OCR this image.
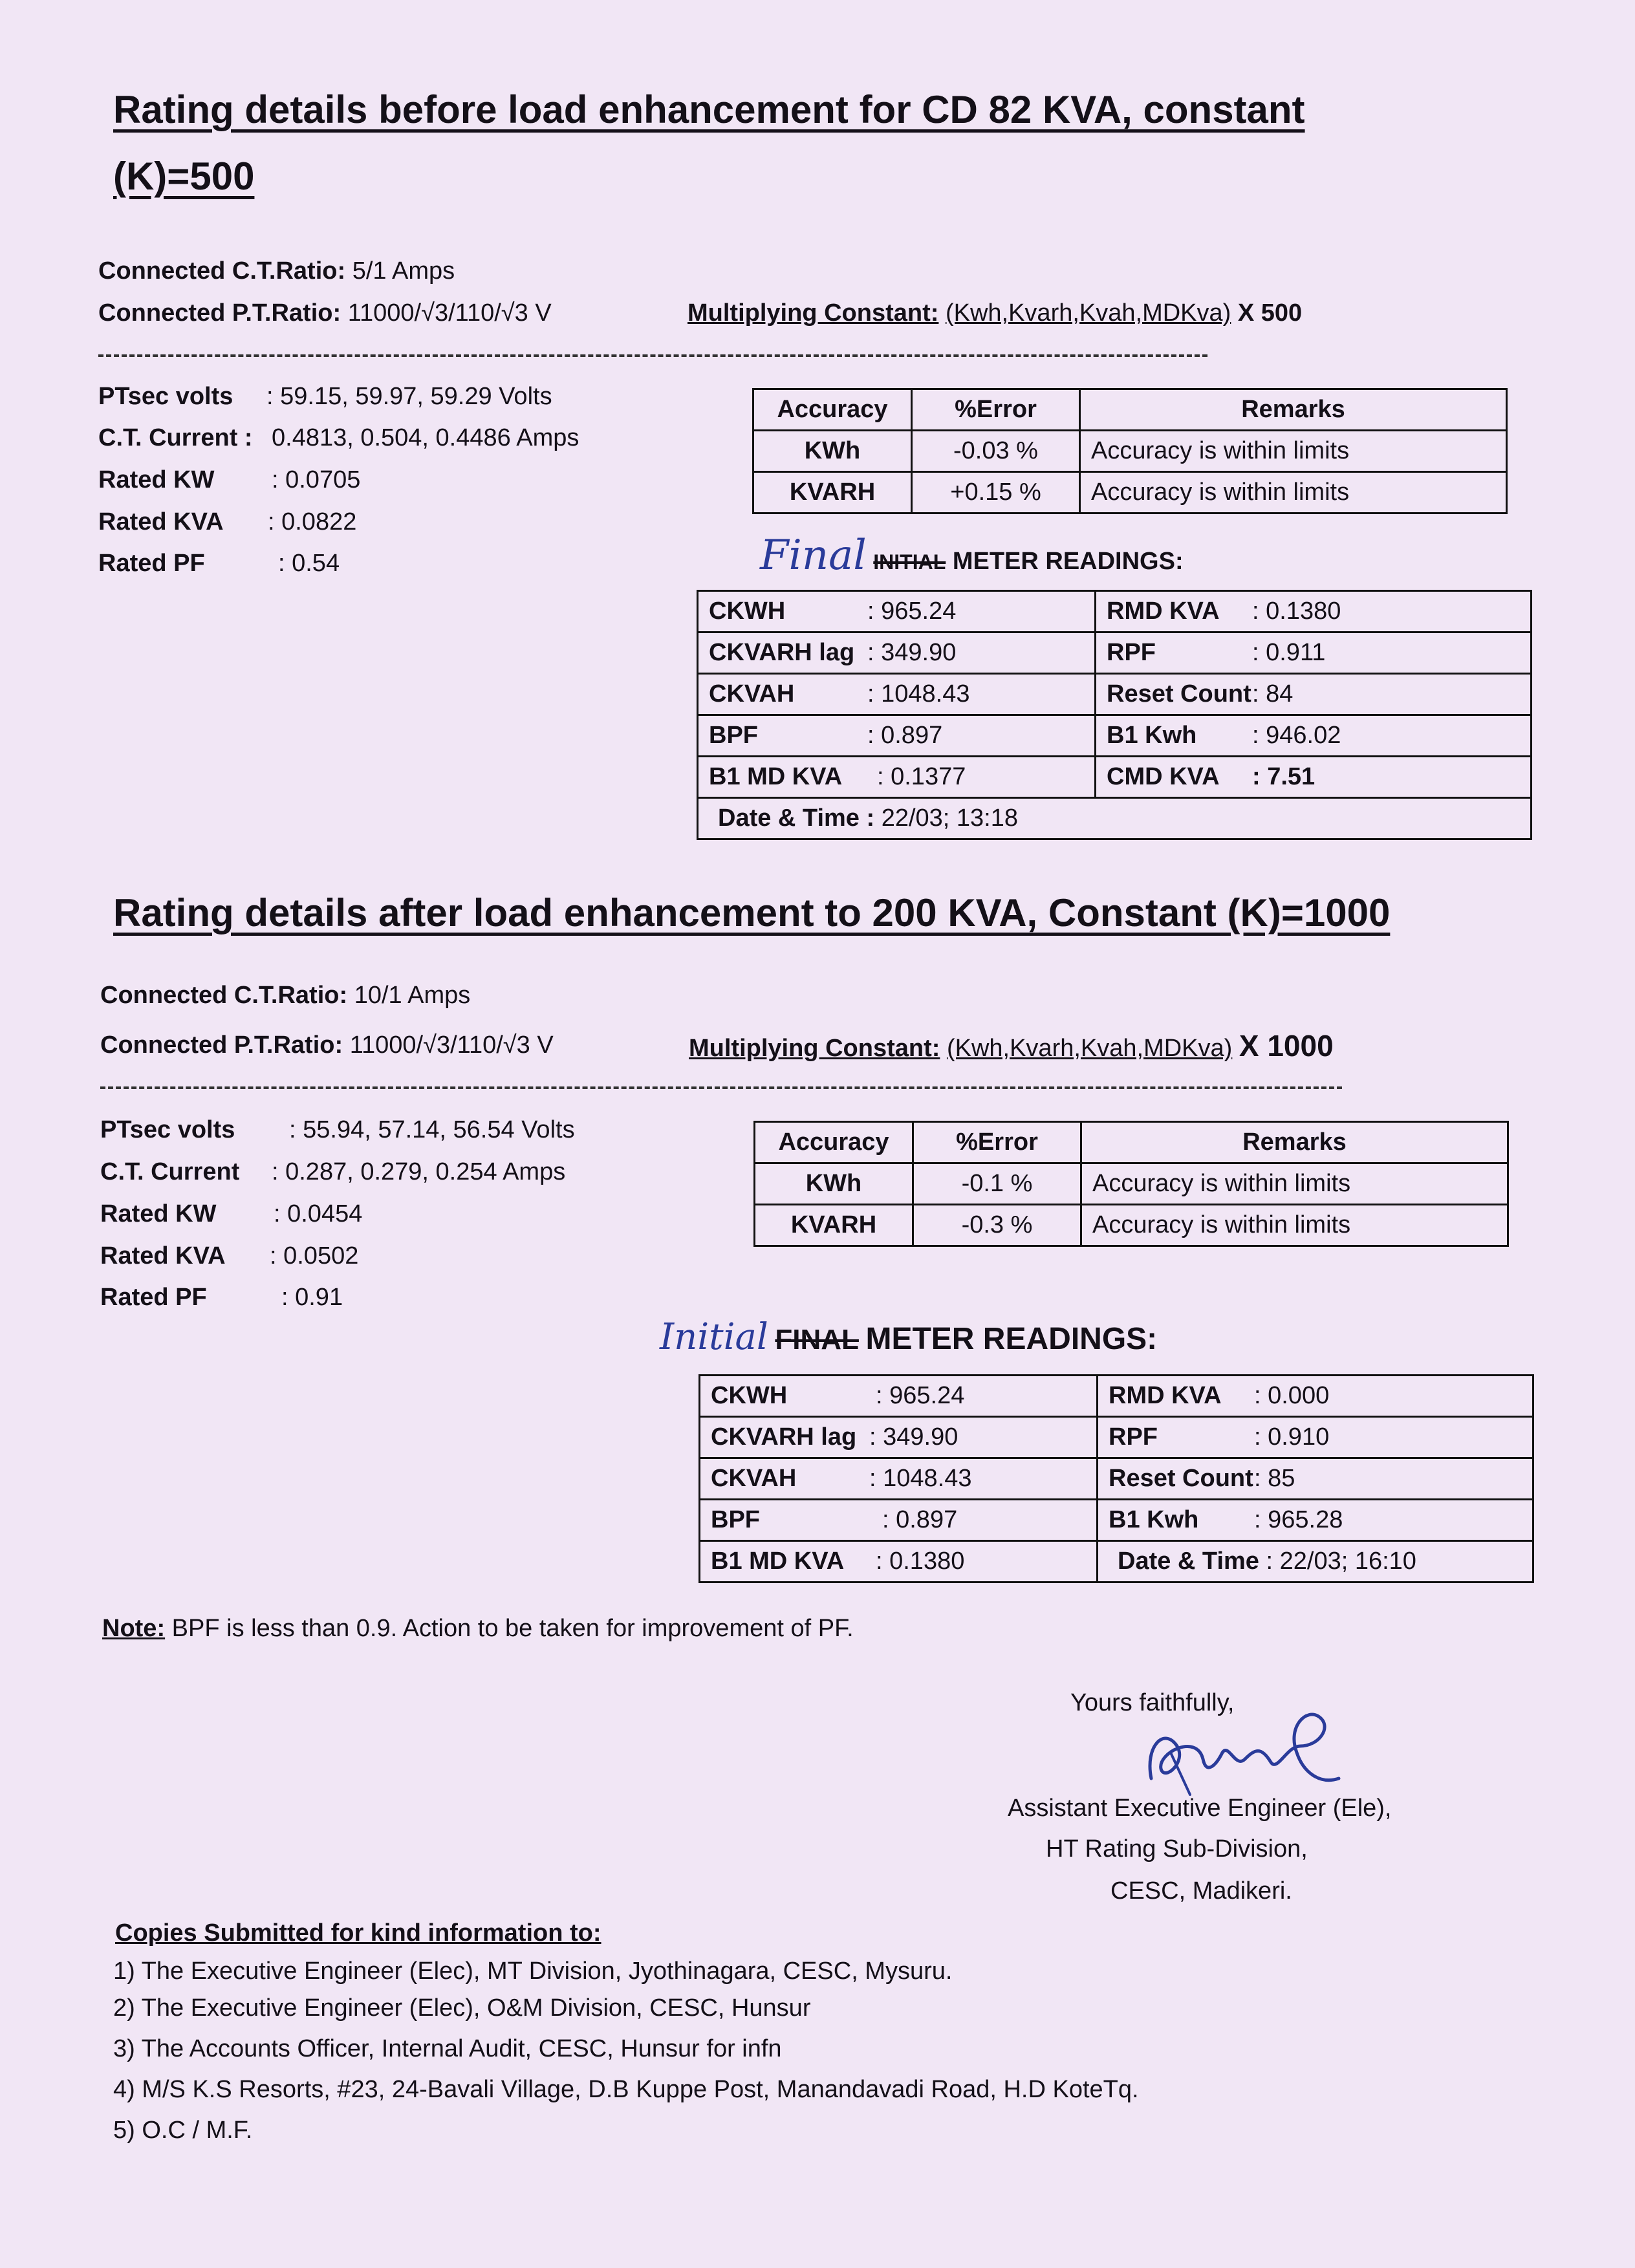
Rating details before load enhancement for CD 82 KVA, constant
(K)=500
Connected C.T.Ratio: 5/1 Amps
Connected P.T.Ratio: 11000/√3/110/√3 V	Multiplying Constant: (Kwh,Kvarh,Kvah,MDKva) X 500
PTsec volts : 59.15, 59.97, 59.29 Volts
C.T. Current : 0.4813, 0.504, 0.4486 Amps
Rated KW : 0.0705
Rated KVA : 0.0822
Rated PF	: 0.54
Accuracy	%Error	Remarks
KWh	-0.03 %	Accuracy is within limits
KVARH	+0.15 %	Accuracy is within limits
Final INITIAL METER READINGS:
CKWH : 965.24	RMD KVA : 0.1380
CKVARH lag : 349.90	RPF : 0.911
CKVAH : 1048.43	Reset Count: 84
BPF : 0.897	B1 Kwh : 946.02
B1 MD KVA : 0.1377	CMD KVA : 7.51
Date & Time : 22/03; 13:18	
Rating details after load enhancement to 200 KVA, Constant (K)=1000
Connected C.T.Ratio: 10/1 Amps
Connected P.T.Ratio: 11000/√3/110/√3 V	Multiplying Constant: (Kwh,Kvarh,Kvah,MDKva) X 1000
PTsec volts : 55.94, 57.14, 56.54 Volts
C.T. Current : 0.287, 0.279, 0.254 Amps
Rated KW : 0.0454
Rated KVA : 0.0502
Rated PF	: 0.91
Accuracy	%Error	Remarks
KWh	-0.1 %	Accuracy is within limits
KVARH	-0.3 %	Accuracy is within limits
Initial FINAL METER READINGS:
CKWH : 965.24	RMD KVA : 0.000
CKVARH lag : 349.90	RPF : 0.910
CKVAH : 1048.43	Reset Count: 85
BPF : 0.897	B1 Kwh : 965.28
B1 MD KVA : 0.1380	Date & Time : 22/03; 16:10
Note: BPF is less than 0.9. Action to be taken for improvement of PF.
Yours faithfully,
Assistant Executive Engineer (Ele),
HT Rating Sub-Division,
CESC, Madikeri.
Copies Submitted for kind information to:
1) The Executive Engineer (Elec), MT Division, Jyothinagara, CESC, Mysuru.
2) The Executive Engineer (Elec), O&M Division, CESC, Hunsur
3) The Accounts Officer, Internal Audit, CESC, Hunsur for infn
4) M/S K.S Resorts, #23, 24-Bavali Village, D.B Kuppe Post, Manandavadi Road, H.D KoteTq.
5) O.C / M.F.
